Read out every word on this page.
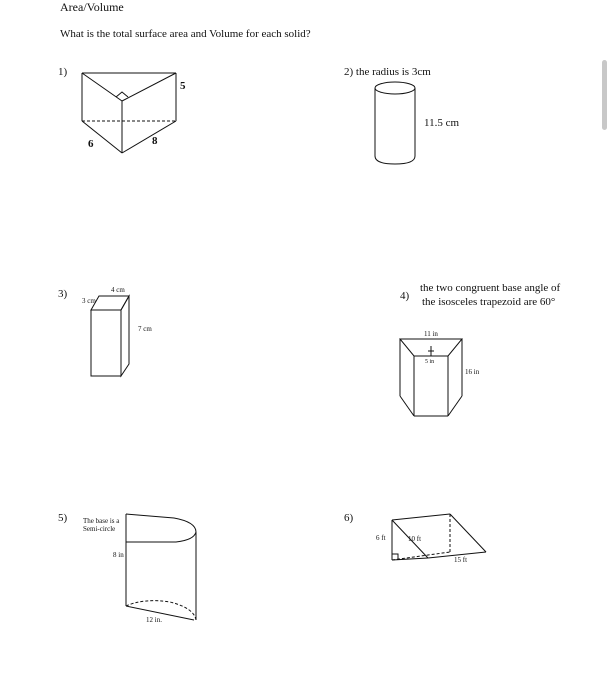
Area/Volume
What is the total surface area and Volume for each solid?
1)
6	8
5
2) the radius is 3cm
11.5 cm
3)	4 cm
3 cm
7 cm
4)
the two congruent base angle of
the isosceles trapezoid are 60°
11 in
5 in
16 in
5) The base is a
Semi-circle
8 in
12 in.
6)
6 ft	10 ft
15 ft
